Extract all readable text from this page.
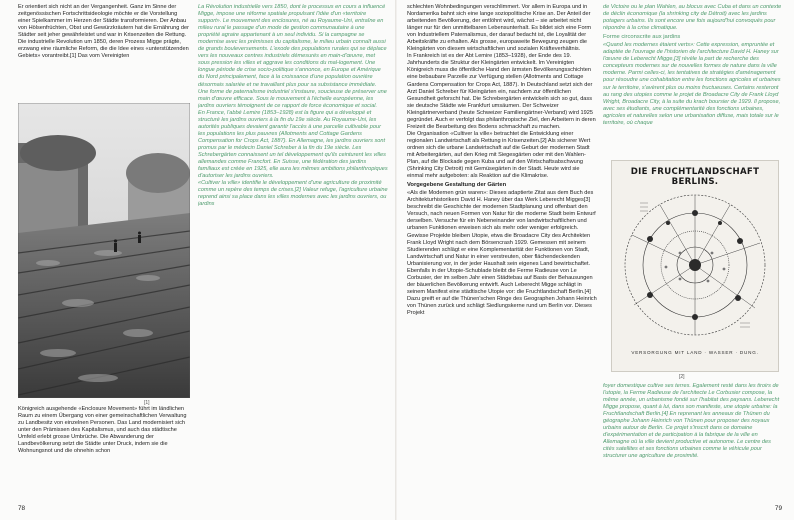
Er orientiert sich nicht an der Vergangenheit. Ganz im Sinne der zeitgenössischen Fortschrittsideologie möchte er die Vorstellung einer Spielkammer im Herzen der Städte transformieren. Der Anbau von Hölsenfrüchten, Obst und Gewürzkräutern hat die Ernährung der Städter seit jeher gewährleistet und war in Krisenzeiten die Rettung.
Die industrielle Revolution um 1850, deren Prozess Migge prägte, erzwang eine räumliche Reform, die die Idee eines «unterstützenden Gebiets» vorantreibt.[1] Das vom Vereinigten

[1]

Königreich ausgehende «Enclosure Movement» führt im ländlichen Raum zu einem Übergang von einer gemeinschaftlichen Verwaltung zu Landbesitz von einzelnen Personen. Das Land modernisiert sich unter den Prämissen des Kapitalismus, und auch das städtische Umfeld erlebt grosse Umbrüche. Die Abwanderung der Landbevölkerung setzt die Städte unter Druck, indem sie die Wohnungsnot und die ohnehin schon

La Révolution industrielle vers 1850, dont le processus en cours a influencé Migge, impose une réforme spatiale propulsant l'idée d'un «territoire support». Le mouvement des enclosures, né au Royaume-Uni, entraîne en milieu rural le passage d'un mode de gestion communautaire à une propriété agraire appartenant à un seul individu. Si la campagne se modernise avec les prémisses du capitalisme, le milieu urbain connaît aussi de grands bouleversements. L'exode des populations rurales qui se déplace vers les nouveaux centres industriels démesurés en main-d'œuvre, met sous pression les villes et aggrave les conditions du mal-logement. Une longue période de crise socio-politique s'annonce, en Europe et Amérique du Nord principalement, face à la croissance d'une population ouvrière désormais salariée et ne travaillant plus pour sa subsistance immédiate. Une forme de paternalisme industriel s'instaure, soucieuse de préserver une main d'œuvre efficace. Sous le mouvement à l'échelle européenne, les jardins ouvriers témoignent de ce rapport de force économique et social.
En France, l'abbé Lemire (1853–1928) est la figure qui a développé et structuré les jardins ouvriers à la fin du 19e siècle. Au Royaume-Uni, les autorités publiques devaient garantir l'accès à une parcelle cultivable pour les populations les plus pauvres (Allotments and Cottage Gardens Compensation for Crops Act, 1887). En Allemagne, les jardins ouvriers sont promus par le médecin Daniel Schreber à la fin du 19e siècle. Les Schrebergärten connaissent un tel développement qu'ils ceinturent les villes allemandes comme Francfort. En Suisse, une fédération des jardins familiaux est créée en 1925, elle aura les mêmes ambitions philanthropiques d'autoriser les jardins ouvriers.
«Cultiver la ville» identifie le développement d'une agriculture de proximité comme un repère des temps de crises.[2] Valeur refuge, l'agriculture urbaine reprend ainsi sa place dans les villes modernes avec les jardins ouvriers, ou jardins

78

schlechten Wohnbedingungen verschlimmert. Vor allem in Europa und in Nordamerika bahnt sich eine lange soziopolitische Krise an. Der Anteil der arbeitenden Bevölkerung, der entlöhnt wird, wächst – sie arbeitet nicht länger nur für den unmittelbaren Lebensunterhalt. Es bildet sich eine Form von Industriellem Paternalismus, der darauf bedacht ist, die Loyalität der Arbeitskräfte zu erhalten. Als grosse, europaweite Bewegung zeugen die Kleingärten von diesem wirtschaftlichen und sozialen Kräfteverhältnis.
In Frankreich ist es der Abt Lemire (1853–1928), der Ende des 19. Jahrhunderts die Struktur der Kleingärten entwickelt. Im Vereinigten Königreich muss die öffentliche Hand den ärmsten Bevölkerungsschichten eine bebaubare Parzelle zur Verfügung stellen (Allotments and Cottage Gardens Compensation for Crops Act, 1887). In Deutschland setzt sich der Arzt Daniel Schreber für Kleingärten ein, nachdem zur öffentlichen Gesundheit geforscht hat. Die Schrebergärten entwickeln sich so gut, dass sie deutsche Städte wie Frankfurt umsäumen. Der Schweizer Kleingärtnerverband (heute Schweizer Familiengärtner-Verband) wird 1925 gegründet. Auch er verfolgt das philanthropische Ziel, den Arbeitern in deren Freizeit die Bearbeitung des Bodens schmackhaft zu machen.
Die Organisation «Cultiver la ville» betrachtet die Entwicklung einer regionalen Landwirtschaft als Rettung in Krisenzeiten.[2] Als sicherer Wert ordnen sich die urbane Landwirtschaft auf die Geburt der modernen Stadt mit Arbeitergärten, auf den Krieg mit Siegesgärten oder mit den Wahlen-Plan, auf die Blockade gegen Kuba und auf den Wirtschaftsabschwung (Shrinking City Detroit) mit Gemüsegärten in der Stadt. Heute wird sie einmal mehr aufgeboten: als Reaktion auf die Klimakrise.

Vorgegebene Gestaltung der Gärten

«Als die Modernen grün waren»: Dieses adaptierte Zitat aus dem Buch des Architekturhistorikers David H. Haney über das Werk Leberecht Migges[3] beschreibt die Geschichte der modernen Stadtplanung und offenbart den Versuch, nach neuen Formen von Natur für die moderne Stadt beim Entwurf derselben. Versuche für ein Nebeneinander von landwirtschaftlichen und urbanen Funktionen erweisen sich als mehr oder weniger erfolgreich. Gewisse Projekte bleiben Utopie, etwa die Broadacre City des Architekten Frank Lloyd Wright nach dem Börsencrash 1929. Gemessen mit seinem Studierenden schlägt er eine Komplementarität der Funktionen von Stadt, Landwirtschaft und Natur in einer verstreuten, ober flächendeckenden Urbanisierung vor, in der jeder Haushalt sein eigenes Land bewirtschaftet. Ebenfalls in der Utopie-Schublade bleibt die Ferme Radieuse von Le Corbusier, der im selben Jahr einen Städtebau auf Basis der Behausungen der bäuerlichen Bevölkerung entwirft. Auch Leberecht Migge schlägt in seinem Manifest eine städtische Utopie vor: die Fruchtlandschaft Berlin.[4] Dazu greift er auf die Thünen'schen Ringe des Geographen Johann Heinrich von Thünen zurück und schlägt Siedlungskerne rund um Berlin vor. Dieses Projekt

de Victoire ou le plan Wahlen, au blocus avec Cuba et dans un contexte de déclin économique (la shrinking city de Détroit) avec les jardins potagers urbains. Ils sont encore une fois aujourd'hui convoqués pour répondre à la crise climatique.

Forme circonscrite aux jardins

«Quand les modernes étaient verts»: Cette expression, empruntée et adaptée de l'ouvrage de l'historien de l'architecture David H. Haney sur l'œuvre de Leberecht Migge,[3] révèle la part de recherche des concepteurs modernes sur de nouvelles formes de nature dans la ville moderne. Parmi celles-ci, les tentatives de stratégies d'aménagement pour résoudre une cohabitation entre les fonctions agricoles et urbaines sur le territoire, s'avèrent plus ou moins fructueuses. Certains resteront au rang des utopies comme le projet de Broadacre City de Frank Lloyd Wright, Broadacre City, à la suite du krach boursier de 1929. Il propose, avec ses étudiants, une complémentarité des fonctions urbaines, agricoles et naturelles selon une urbanisation diffuse, mais totale sur le territoire, où chaque

DIE FRUCHTLANDSCHAFT BERLINS.
VERSORGUNG MIT LAND · WASSER · DUNG.
[2]

foyer domestique cultive ses terres. Également resté dans les tiroirs de l'utopie, la Ferme Radieuse de l'architecte Le Corbusier compose, la même année, un urbanisme fondé sur l'habitat des paysans. Leberecht Migge propose, quant à lui, dans son manifeste, une utopie urbaine: la Fruchtlandschaft Berlin.[4] En reprenant les anneaux de Thünen du géographe Johann Heinrich von Thünen pour proposer des noyaux urbains autour de Berlin. Ce projet s'inscrit dans ce domaine d'expérimentation et de participation à la fabrique de la ville en Allemagne où la ville devient productive et autonome. Le centre des cités satellites et ses fonctions urbaines comme le véhicule pour structurer une agriculture de proximité.

79
